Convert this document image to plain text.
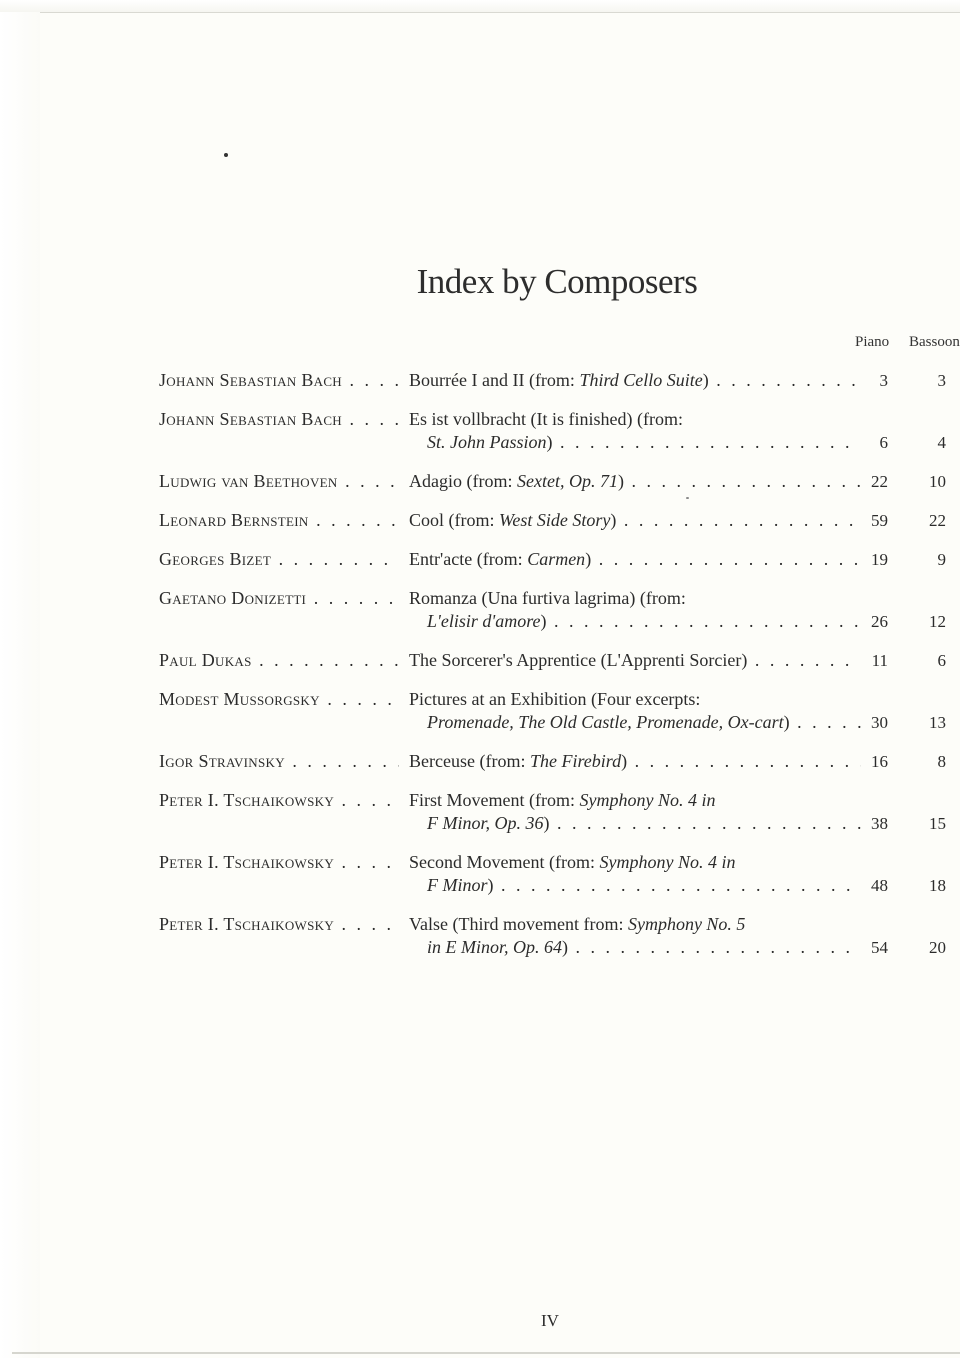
Index by Composers
Piano Bassoon
Johann Sebastian Bach . . .	Bourrée I and II (from: Third Cello Suite) . . .	3	3
Johann Sebastian Bach . . .	Es ist vollbracht (It is finished) (from:
St. John Passion) . . .	6	4
Ludwig van Beethoven . . .	Adagio (from: Sextet, Op. 71) . . .	22	10
Leonard Bernstein . . .	Cool (from: West Side Story) . . .	59	22
Georges Bizet . . .	Entr'acte (from: Carmen) . . .	19	9
Gaetano Donizetti . . .	Romanza (Una furtiva lagrima) (from:
L'elisir d'amore) . . .	26	12
Paul Dukas . . .	The Sorcerer's Apprentice (L'Apprenti Sorcier) . . .	11	6
Modest Mussorgsky . . .	Pictures at an Exhibition (Four excerpts:
Promenade, The Old Castle, Promenade, Ox-cart) . . .	30	13
Igor Stravinsky . . .	Berceuse (from: The Firebird) . . .	16	8
Peter I. Tschaikowsky . . .	First Movement (from: Symphony No. 4 in
F Minor, Op. 36) . . .	38	15
Peter I. Tschaikowsky . . .	Second Movement (from: Symphony No. 4 in
F Minor) . . .	48	18
Peter I. Tschaikowsky . . .	Valse (Third movement from: Symphony No. 5
in E Minor, Op. 64) . . .	54	20
IV
